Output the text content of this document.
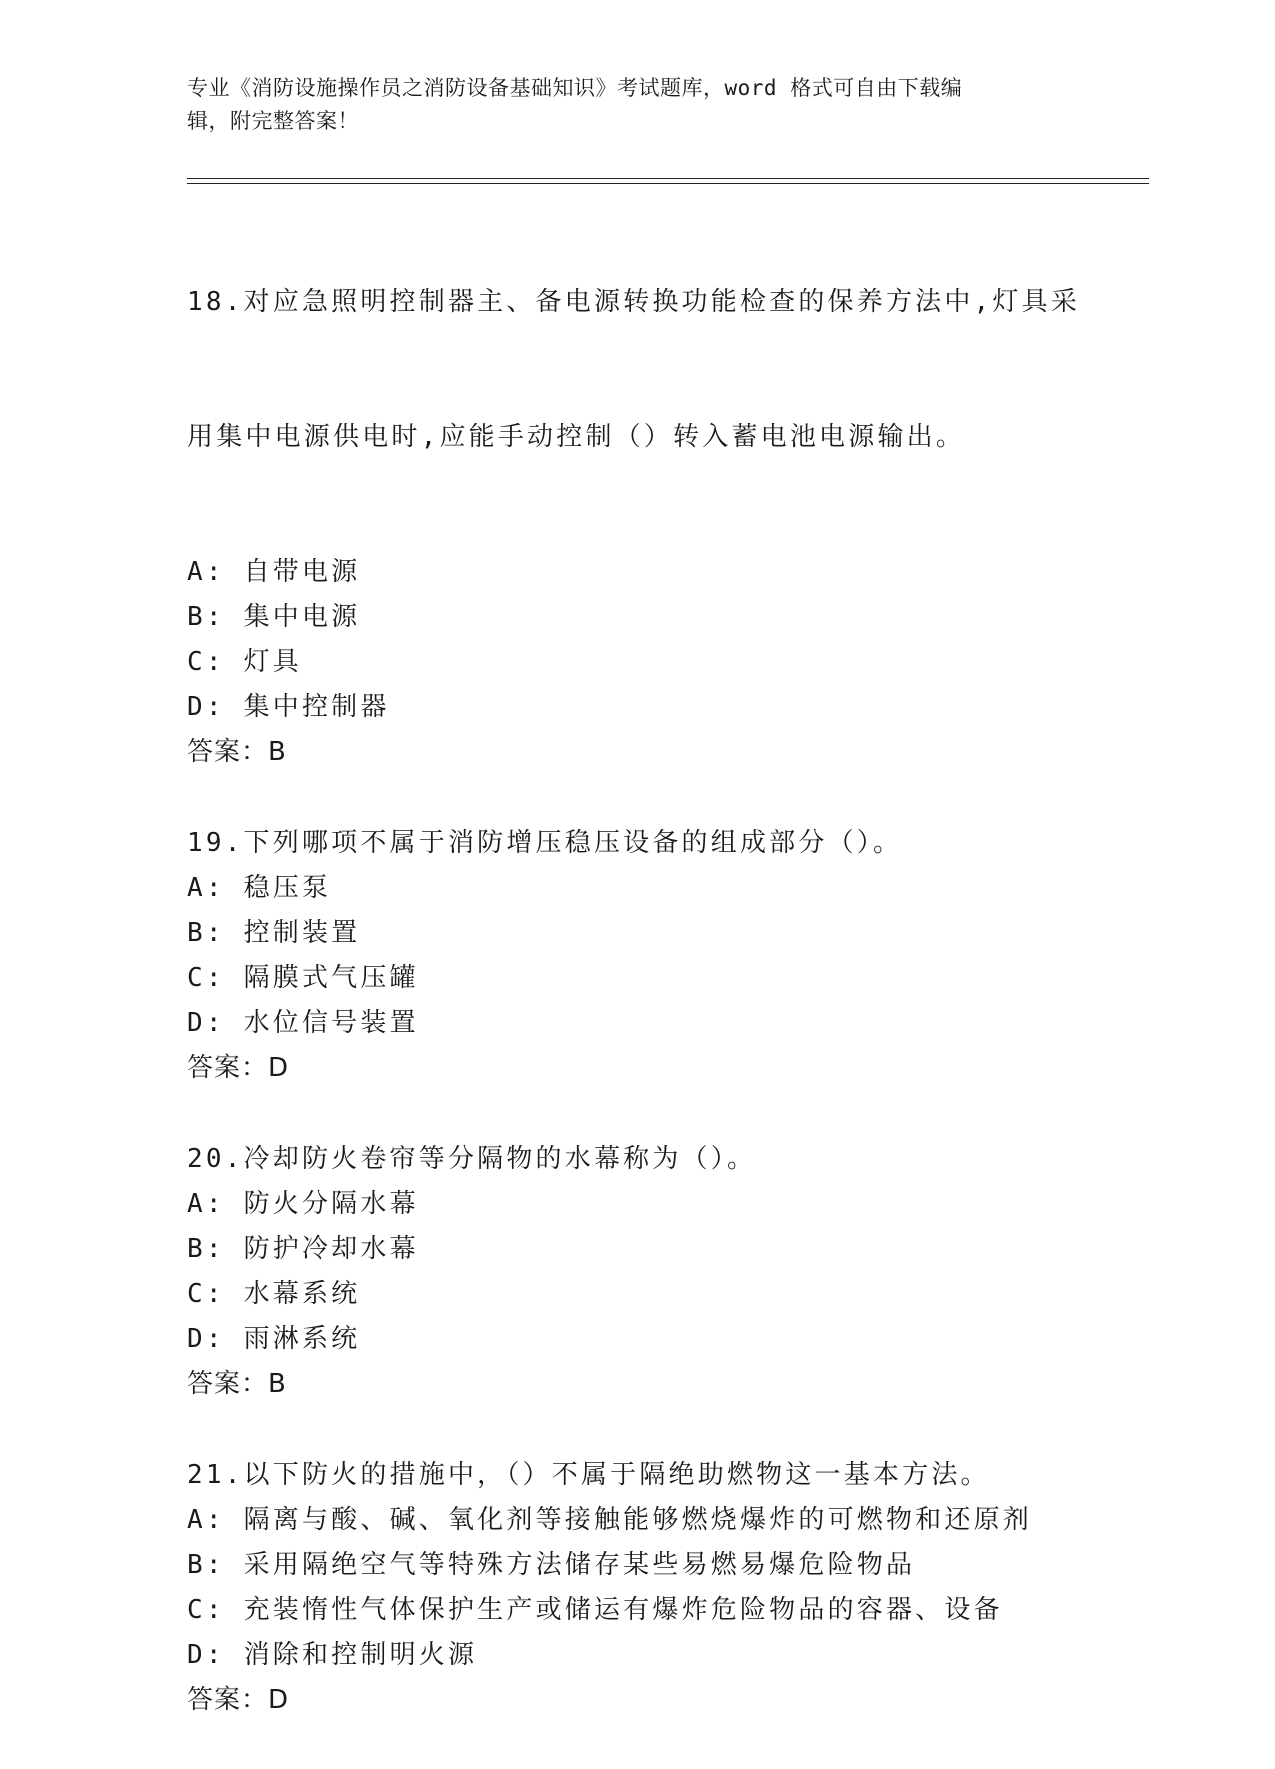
专业《消防设施操作员之消防设备基础知识》考试题库，word 格式可自由下载编
辑，附完整答案！

18.对应急照明控制器主、备电源转换功能检查的保养方法中,灯具采

用集中电源供电时,应能手动控制（）转入蓄电池电源输出。

A: 自带电源
B: 集中电源
C: 灯具
D: 集中控制器
答案：B
19.下列哪项不属于消防增压稳压设备的组成部分（）。
A: 稳压泵
B: 控制装置
C: 隔膜式气压罐
D: 水位信号装置
答案：D
20.冷却防火卷帘等分隔物的水幕称为（）。
A: 防火分隔水幕
B: 防护冷却水幕
C: 水幕系统
D: 雨淋系统
答案：B
21.以下防火的措施中，（）不属于隔绝助燃物这一基本方法。
A: 隔离与酸、碱、氧化剂等接触能够燃烧爆炸的可燃物和还原剂
B: 采用隔绝空气等特殊方法储存某些易燃易爆危险物品
C: 充装惰性气体保护生产或储运有爆炸危险物品的容器、设备
D: 消除和控制明火源
答案：D
